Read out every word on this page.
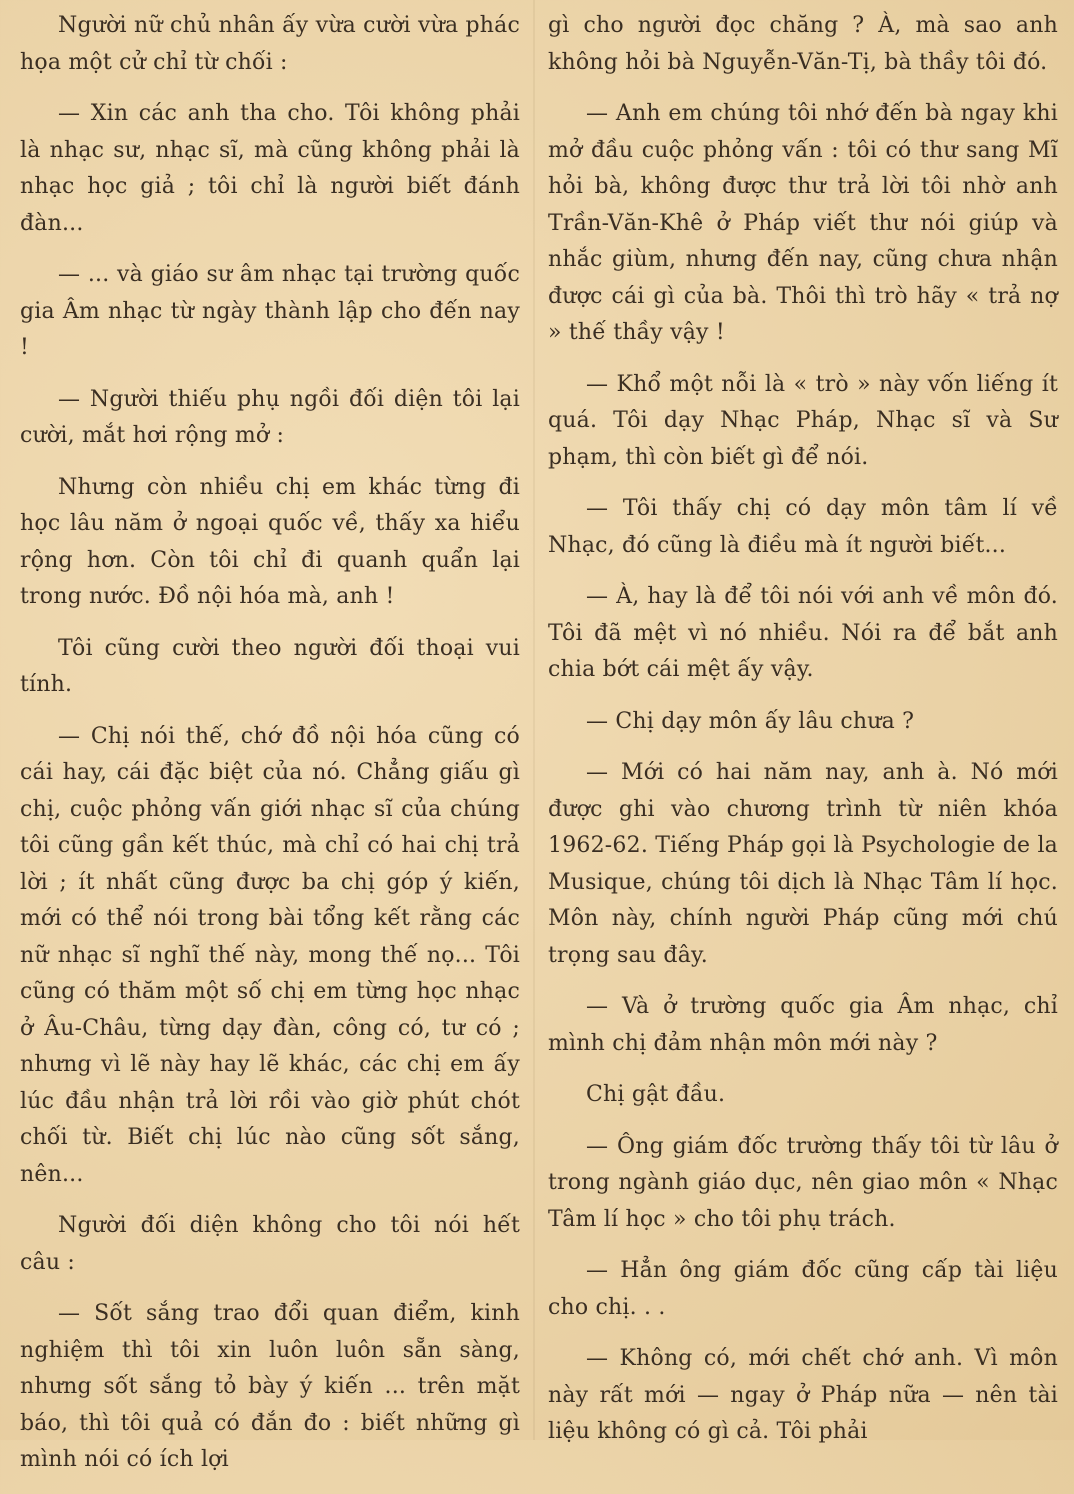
Người nữ chủ nhân ấy vừa cười vừa phác họa một cử chỉ từ chối :

— Xin các anh tha cho. Tôi không phải là nhạc sư, nhạc sĩ, mà cũng không phải là nhạc học giả ; tôi chỉ là người biết đánh đàn...

— ... và giáo sư âm nhạc tại trường quốc gia Âm nhạc từ ngày thành lập cho đến nay !

— Người thiếu phụ ngồi đối diện tôi lại cười, mắt hơi rộng mở :

Nhưng còn nhiều chị em khác từng đi học lâu năm ở ngoại quốc về, thấy xa hiểu rộng hơn. Còn tôi chỉ đi quanh quẩn lại trong nước. Đồ nội hóa mà, anh !

Tôi cũng cười theo người đối thoại vui tính.

— Chị nói thế, chớ đồ nội hóa cũng có cái hay, cái đặc biệt của nó. Chẳng giấu gì chị, cuộc phỏng vấn giới nhạc sĩ của chúng tôi cũng gần kết thúc, mà chỉ có hai chị trả lời ; ít nhất cũng được ba chị góp ý kiến, mới có thể nói trong bài tổng kết rằng các nữ nhạc sĩ nghĩ thế này, mong thế nọ... Tôi cũng có thăm một số chị em từng học nhạc ở Âu-Châu, từng dạy đàn, công có, tư có ; nhưng vì lẽ này hay lẽ khác, các chị em ấy lúc đầu nhận trả lời rồi vào giờ phút chót chối từ. Biết chị lúc nào cũng sốt sắng, nên...

Người đối diện không cho tôi nói hết câu :

— Sốt sắng trao đổi quan điểm, kinh nghiệm thì tôi xin luôn luôn sẵn sàng, nhưng sốt sắng tỏ bày ý kiến ... trên mặt báo, thì tôi quả có đắn đo : biết những gì mình nói có ích lợi

gì cho người đọc chăng ? À, mà sao anh không hỏi bà Nguyễn-Văn-Tị, bà thầy tôi đó.

— Anh em chúng tôi nhớ đến bà ngay khi mở đầu cuộc phỏng vấn : tôi có thư sang Mĩ hỏi bà, không được thư trả lời tôi nhờ anh Trần-Văn-Khê ở Pháp viết thư nói giúp và nhắc giùm, nhưng đến nay, cũng chưa nhận được cái gì của bà. Thôi thì trò hãy « trả nợ » thế thầy vậy !

— Khổ một nỗi là « trò » này vốn liếng ít quá. Tôi dạy Nhạc Pháp, Nhạc sĩ và Sư phạm, thì còn biết gì để nói.

— Tôi thấy chị có dạy môn tâm lí về Nhạc, đó cũng là điều mà ít người biết...

— À, hay là để tôi nói với anh về môn đó. Tôi đã mệt vì nó nhiều. Nói ra để bắt anh chia bớt cái mệt ấy vậy.

— Chị dạy môn ấy lâu chưa ?

— Mới có hai năm nay, anh à. Nó mới được ghi vào chương trình từ niên khóa 1962-62. Tiếng Pháp gọi là Psychologie de la Musique, chúng tôi dịch là Nhạc Tâm lí học. Môn này, chính người Pháp cũng mới chú trọng sau đây.

— Và ở trường quốc gia Âm nhạc, chỉ mình chị đảm nhận môn mới này ?

Chị gật đầu.

— Ông giám đốc trường thấy tôi từ lâu ở trong ngành giáo dục, nên giao môn « Nhạc Tâm lí học » cho tôi phụ trách.

— Hẳn ông giám đốc cũng cấp tài liệu cho chị. . .

— Không có, mới chết chớ anh. Vì môn này rất mới — ngay ở Pháp nữa — nên tài liệu không có gì cả. Tôi phải
